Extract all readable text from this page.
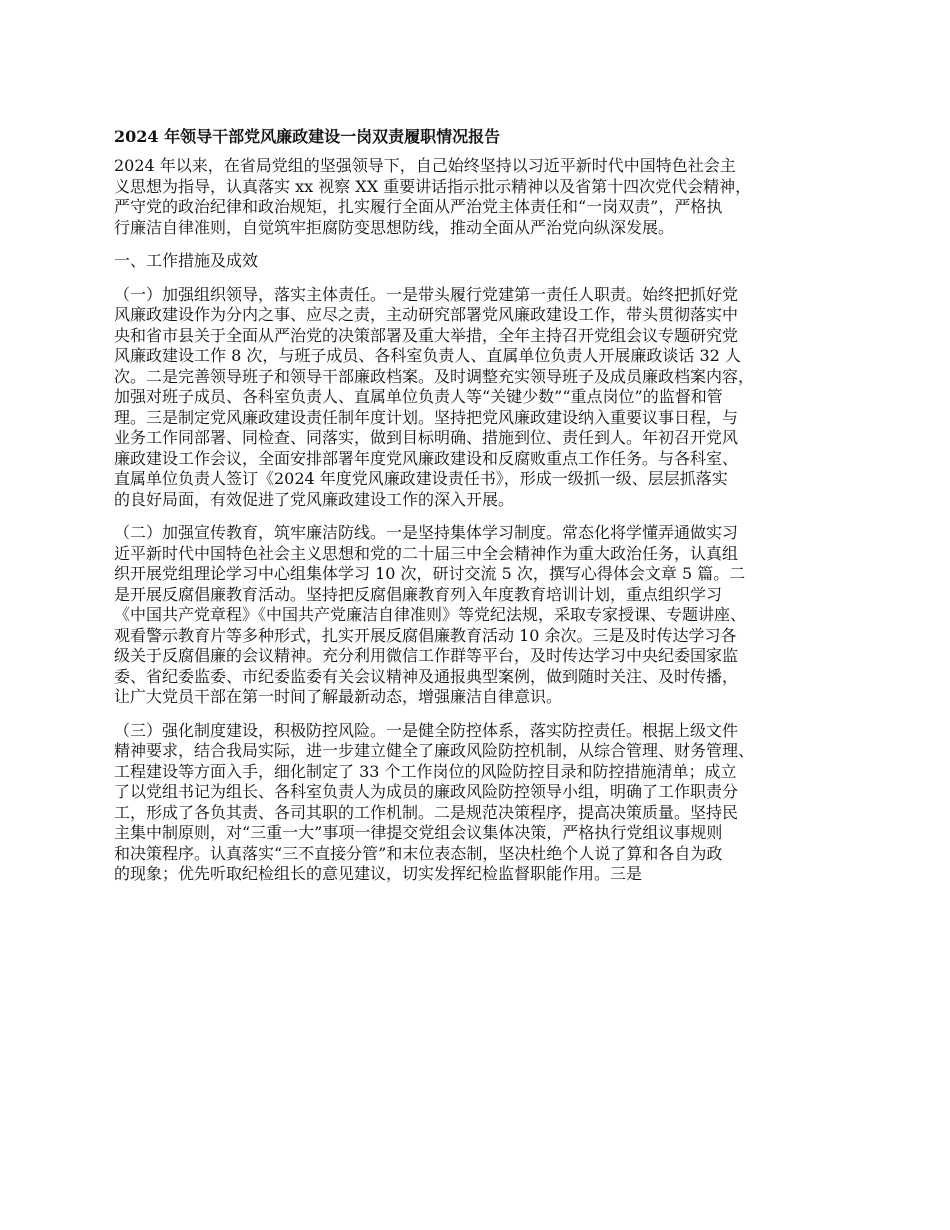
2024 年领导干部党风廉政建设一岗双责履职情况报告
2024 年以来，在省局党组的坚强领导下，自己始终坚持以习近平新时代中国特色社会主
义思想为指导，认真落实 xx 视察 XX 重要讲话指示批示精神以及省第十四次党代会精神，
严守党的政治纪律和政治规矩，扎实履行全面从严治党主体责任和“一岗双责”，严格执
行廉洁自律准则，自觉筑牢拒腐防变思想防线，推动全面从严治党向纵深发展。
一、工作措施及成效
（一）加强组织领导，落实主体责任。一是带头履行党建第一责任人职责。始终把抓好党
风廉政建设作为分内之事、应尽之责，主动研究部署党风廉政建设工作，带头贯彻落实中
央和省市县关于全面从严治党的决策部署及重大举措，全年主持召开党组会议专题研究党
风廉政建设工作 8 次，与班子成员、各科室负责人、直属单位负责人开展廉政谈话 32 人
次。二是完善领导班子和领导干部廉政档案。及时调整充实领导班子及成员廉政档案内容，
加强对班子成员、各科室负责人、直属单位负责人等“关键少数”“重点岗位”的监督和管
理。三是制定党风廉政建设责任制年度计划。坚持把党风廉政建设纳入重要议事日程，与
业务工作同部署、同检查、同落实，做到目标明确、措施到位、责任到人。年初召开党风
廉政建设工作会议，全面安排部署年度党风廉政建设和反腐败重点工作任务。与各科室、
直属单位负责人签订《2024 年度党风廉政建设责任书》，形成一级抓一级、层层抓落实
的良好局面，有效促进了党风廉政建设工作的深入开展。
（二）加强宣传教育，筑牢廉洁防线。一是坚持集体学习制度。常态化将学懂弄通做实习
近平新时代中国特色社会主义思想和党的二十届三中全会精神作为重大政治任务，认真组
织开展党组理论学习中心组集体学习 10 次，研讨交流 5 次，撰写心得体会文章 5 篇。二
是开展反腐倡廉教育活动。坚持把反腐倡廉教育列入年度教育培训计划，重点组织学习
《中国共产党章程》《中国共产党廉洁自律准则》等党纪法规，采取专家授课、专题讲座、
观看警示教育片等多种形式，扎实开展反腐倡廉教育活动 10 余次。三是及时传达学习各
级关于反腐倡廉的会议精神。充分利用微信工作群等平台，及时传达学习中央纪委国家监
委、省纪委监委、市纪委监委有关会议精神及通报典型案例，做到随时关注、及时传播，
让广大党员干部在第一时间了解最新动态，增强廉洁自律意识。
（三）强化制度建设，积极防控风险。一是健全防控体系，落实防控责任。根据上级文件
精神要求，结合我局实际，进一步建立健全了廉政风险防控机制，从综合管理、财务管理、
工程建设等方面入手，细化制定了 33 个工作岗位的风险防控目录和防控措施清单；成立
了以党组书记为组长、各科室负责人为成员的廉政风险防控领导小组，明确了工作职责分
工，形成了各负其责、各司其职的工作机制。二是规范决策程序，提高决策质量。坚持民
主集中制原则，对“三重一大”事项一律提交党组会议集体决策，严格执行党组议事规则
和决策程序。认真落实“三不直接分管”和末位表态制，坚决杜绝个人说了算和各自为政
的现象；优先听取纪检组长的意见建议，切实发挥纪检监督职能作用。三是
